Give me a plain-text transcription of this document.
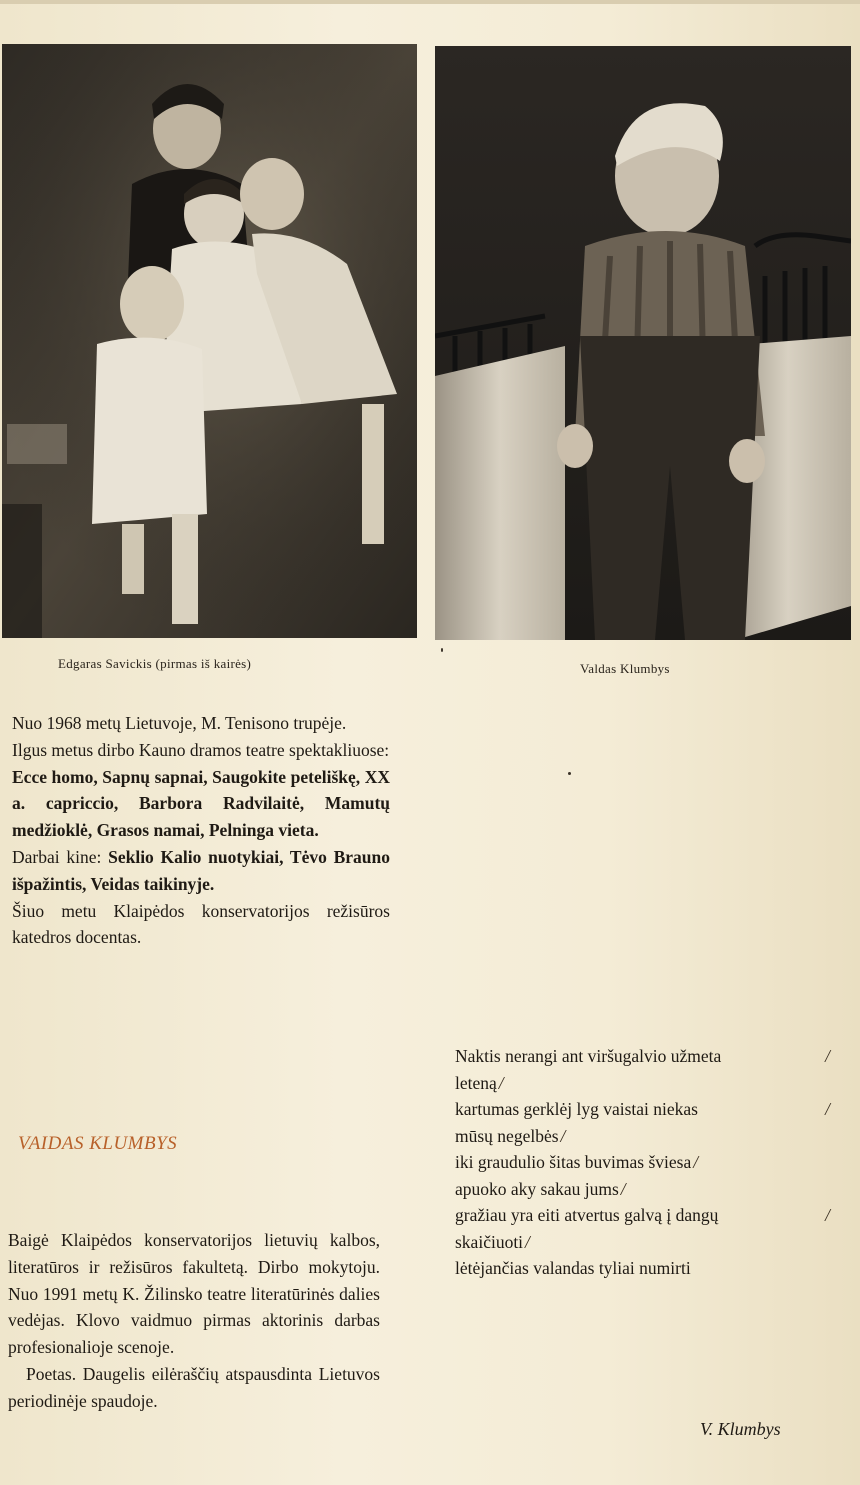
Edgaras Savickis (pirmas iš kairės)	Valdas Klumbys

Nuo 1968 metų Lietuvoje, M. Tenisono trupėje.

Ilgus metus dirbo Kauno dramos teatre spektakliuose:

Ecce homo, Sapnų sapnai, Saugokite peteliškę, XX a. capriccio, Barbora Radvilaitė, Mamutų medžioklė, Grasos namai, Pelninga vieta.

Darbai kine: Seklio Kalio nuotykiai, Tėvo Brauno išpažintis, Veidas taikinyje.

Šiuo metu Klaipėdos konservatorijos režisūros katedros docentas.

VAIDAS KLUMBYS

Baigė Klaipėdos konservatorijos lietuvių kalbos, literatūros ir režisūros fakultetą. Dirbo mokytoju. Nuo 1991 metų K. Žilinsko teatre literatūrinės dalies vedėjas. Klovo vaidmuo pirmas aktorinis darbas profesionalioje scenoje.

Poetas. Daugelis eilėraščių atspausdinta Lietuvos periodinėje spaudoje.

Naktis nerangi ant viršugalvio užmeta	/
leteną /
kartumas gerklėj lyg vaistai niekas	/
mūsų negelbės /
iki graudulio šitas buvimas šviesa /
apuoko aky sakau jums /
gražiau yra eiti atvertus galvą į dangų	/
skaičiuoti /
lėtėjančias valandas tyliai numirti
V. Klumbys
